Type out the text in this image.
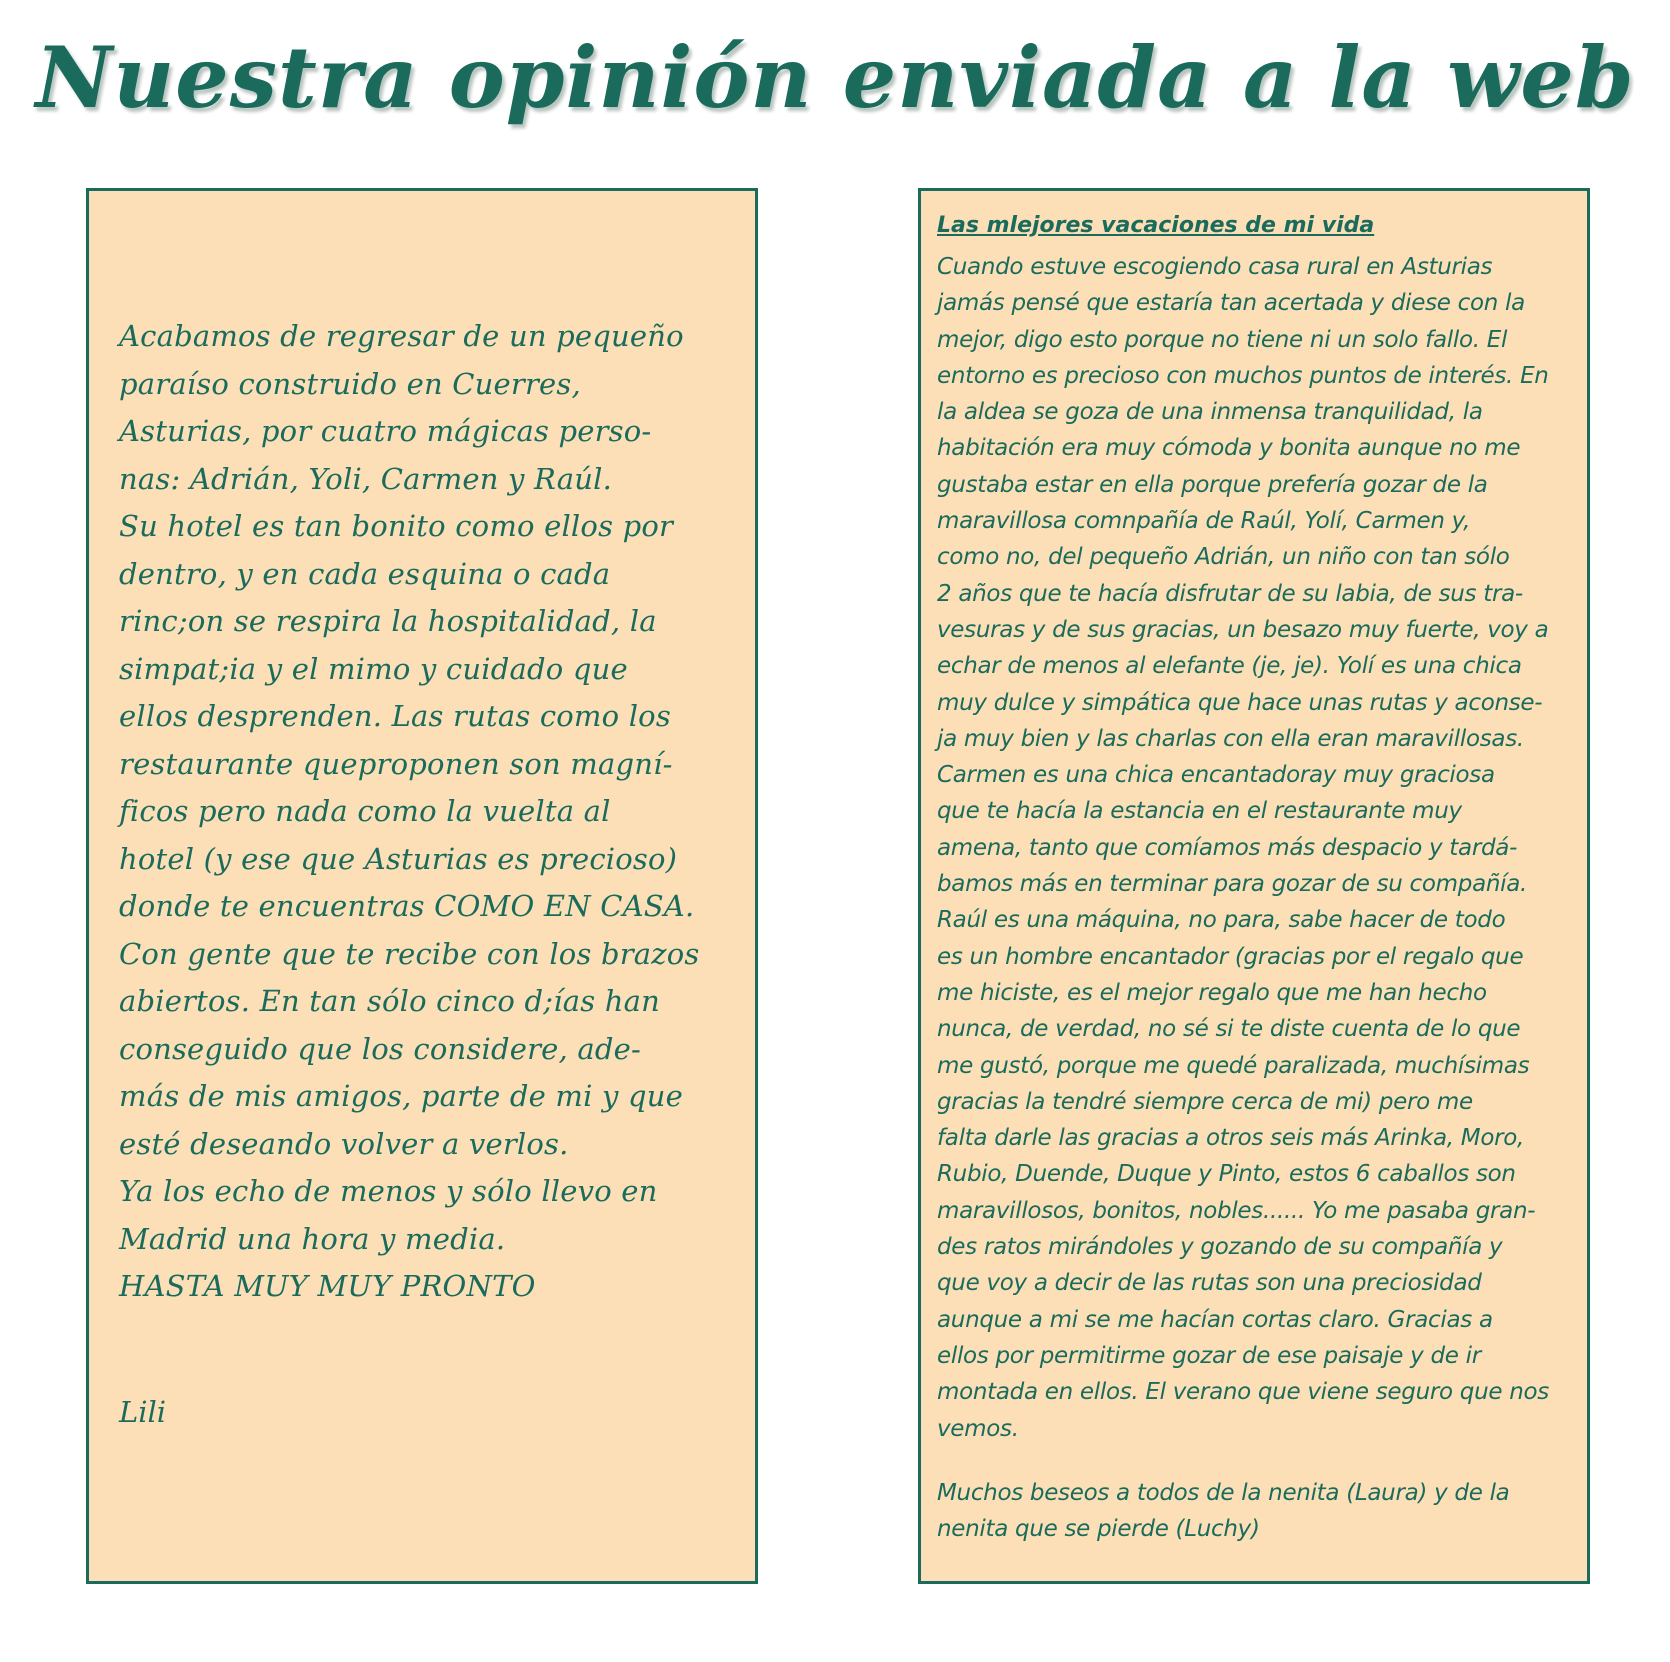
Nuestra opinión enviada a la web
Acabamos de regresar de un pequeño
paraíso construido en Cuerres,
Asturias, por cuatro mágicas perso-
nas: Adrián, Yoli, Carmen y Raúl.
Su hotel es tan bonito como ellos por
dentro, y en cada esquina o cada
rinc;on se respira la hospitalidad, la
simpat;ia y el mimo y cuidado que
ellos desprenden. Las rutas como los
restaurante queproponen son magní-
ficos pero nada como la vuelta al
hotel (y ese que Asturias es precioso)
donde te encuentras COMO EN CASA.
Con gente que te recibe con los brazos
abiertos. En tan sólo cinco d;ías han
conseguido que los considere, ade-
más de mis amigos, parte de mi y que
esté deseando volver a verlos.
Ya los echo de menos y sólo llevo en
Madrid una hora y media.
HASTA MUY MUY PRONTO
Lili
Las mlejores vacaciones de mi vida
Cuando estuve escogiendo casa rural en Asturias
jamás pensé que estaría tan acertada y diese con la
mejor, digo esto porque no tiene ni un solo fallo. El
entorno es precioso con muchos puntos de interés. En
la aldea se goza de una inmensa tranquilidad, la
habitación era muy cómoda y bonita aunque no me
gustaba estar en ella porque prefería gozar de la
maravillosa comnpañía de Raúl, Yolí, Carmen y,
como no, del pequeño Adrián, un niño con tan sólo
2 años que te hacía disfrutar de su labia, de sus tra-
vesuras y de sus gracias, un besazo muy fuerte, voy a
echar de menos al elefante (je, je). Yolí es una chica
muy dulce y simpática que hace unas rutas y aconse-
ja muy bien y las charlas con ella eran maravillosas.
Carmen es una chica encantadoray muy graciosa
que te hacía la estancia en el restaurante muy
amena, tanto que comíamos más despacio y tardá-
bamos más en terminar para gozar de su compañía.
Raúl es una máquina, no para, sabe hacer de todo
es un hombre encantador (gracias por el regalo que
me hiciste, es el mejor regalo que me han hecho
nunca, de verdad, no sé si te diste cuenta de lo que
me gustó, porque me quedé paralizada, muchísimas
gracias la tendré siempre cerca de mi) pero me
falta darle las gracias a otros seis más Arinka, Moro,
Rubio, Duende, Duque y Pinto, estos 6 caballos son
maravillosos, bonitos, nobles...... Yo me pasaba gran-
des ratos mirándoles y gozando de su compañía y
que voy a decir de las rutas son una preciosidad
aunque a mi se me hacían cortas claro. Gracias a
ellos por permitirme gozar de ese paisaje y de ir
montada en ellos. El verano que viene seguro que nos
vemos.
Muchos beseos a todos de la nenita (Laura) y de la
nenita que se pierde (Luchy)
